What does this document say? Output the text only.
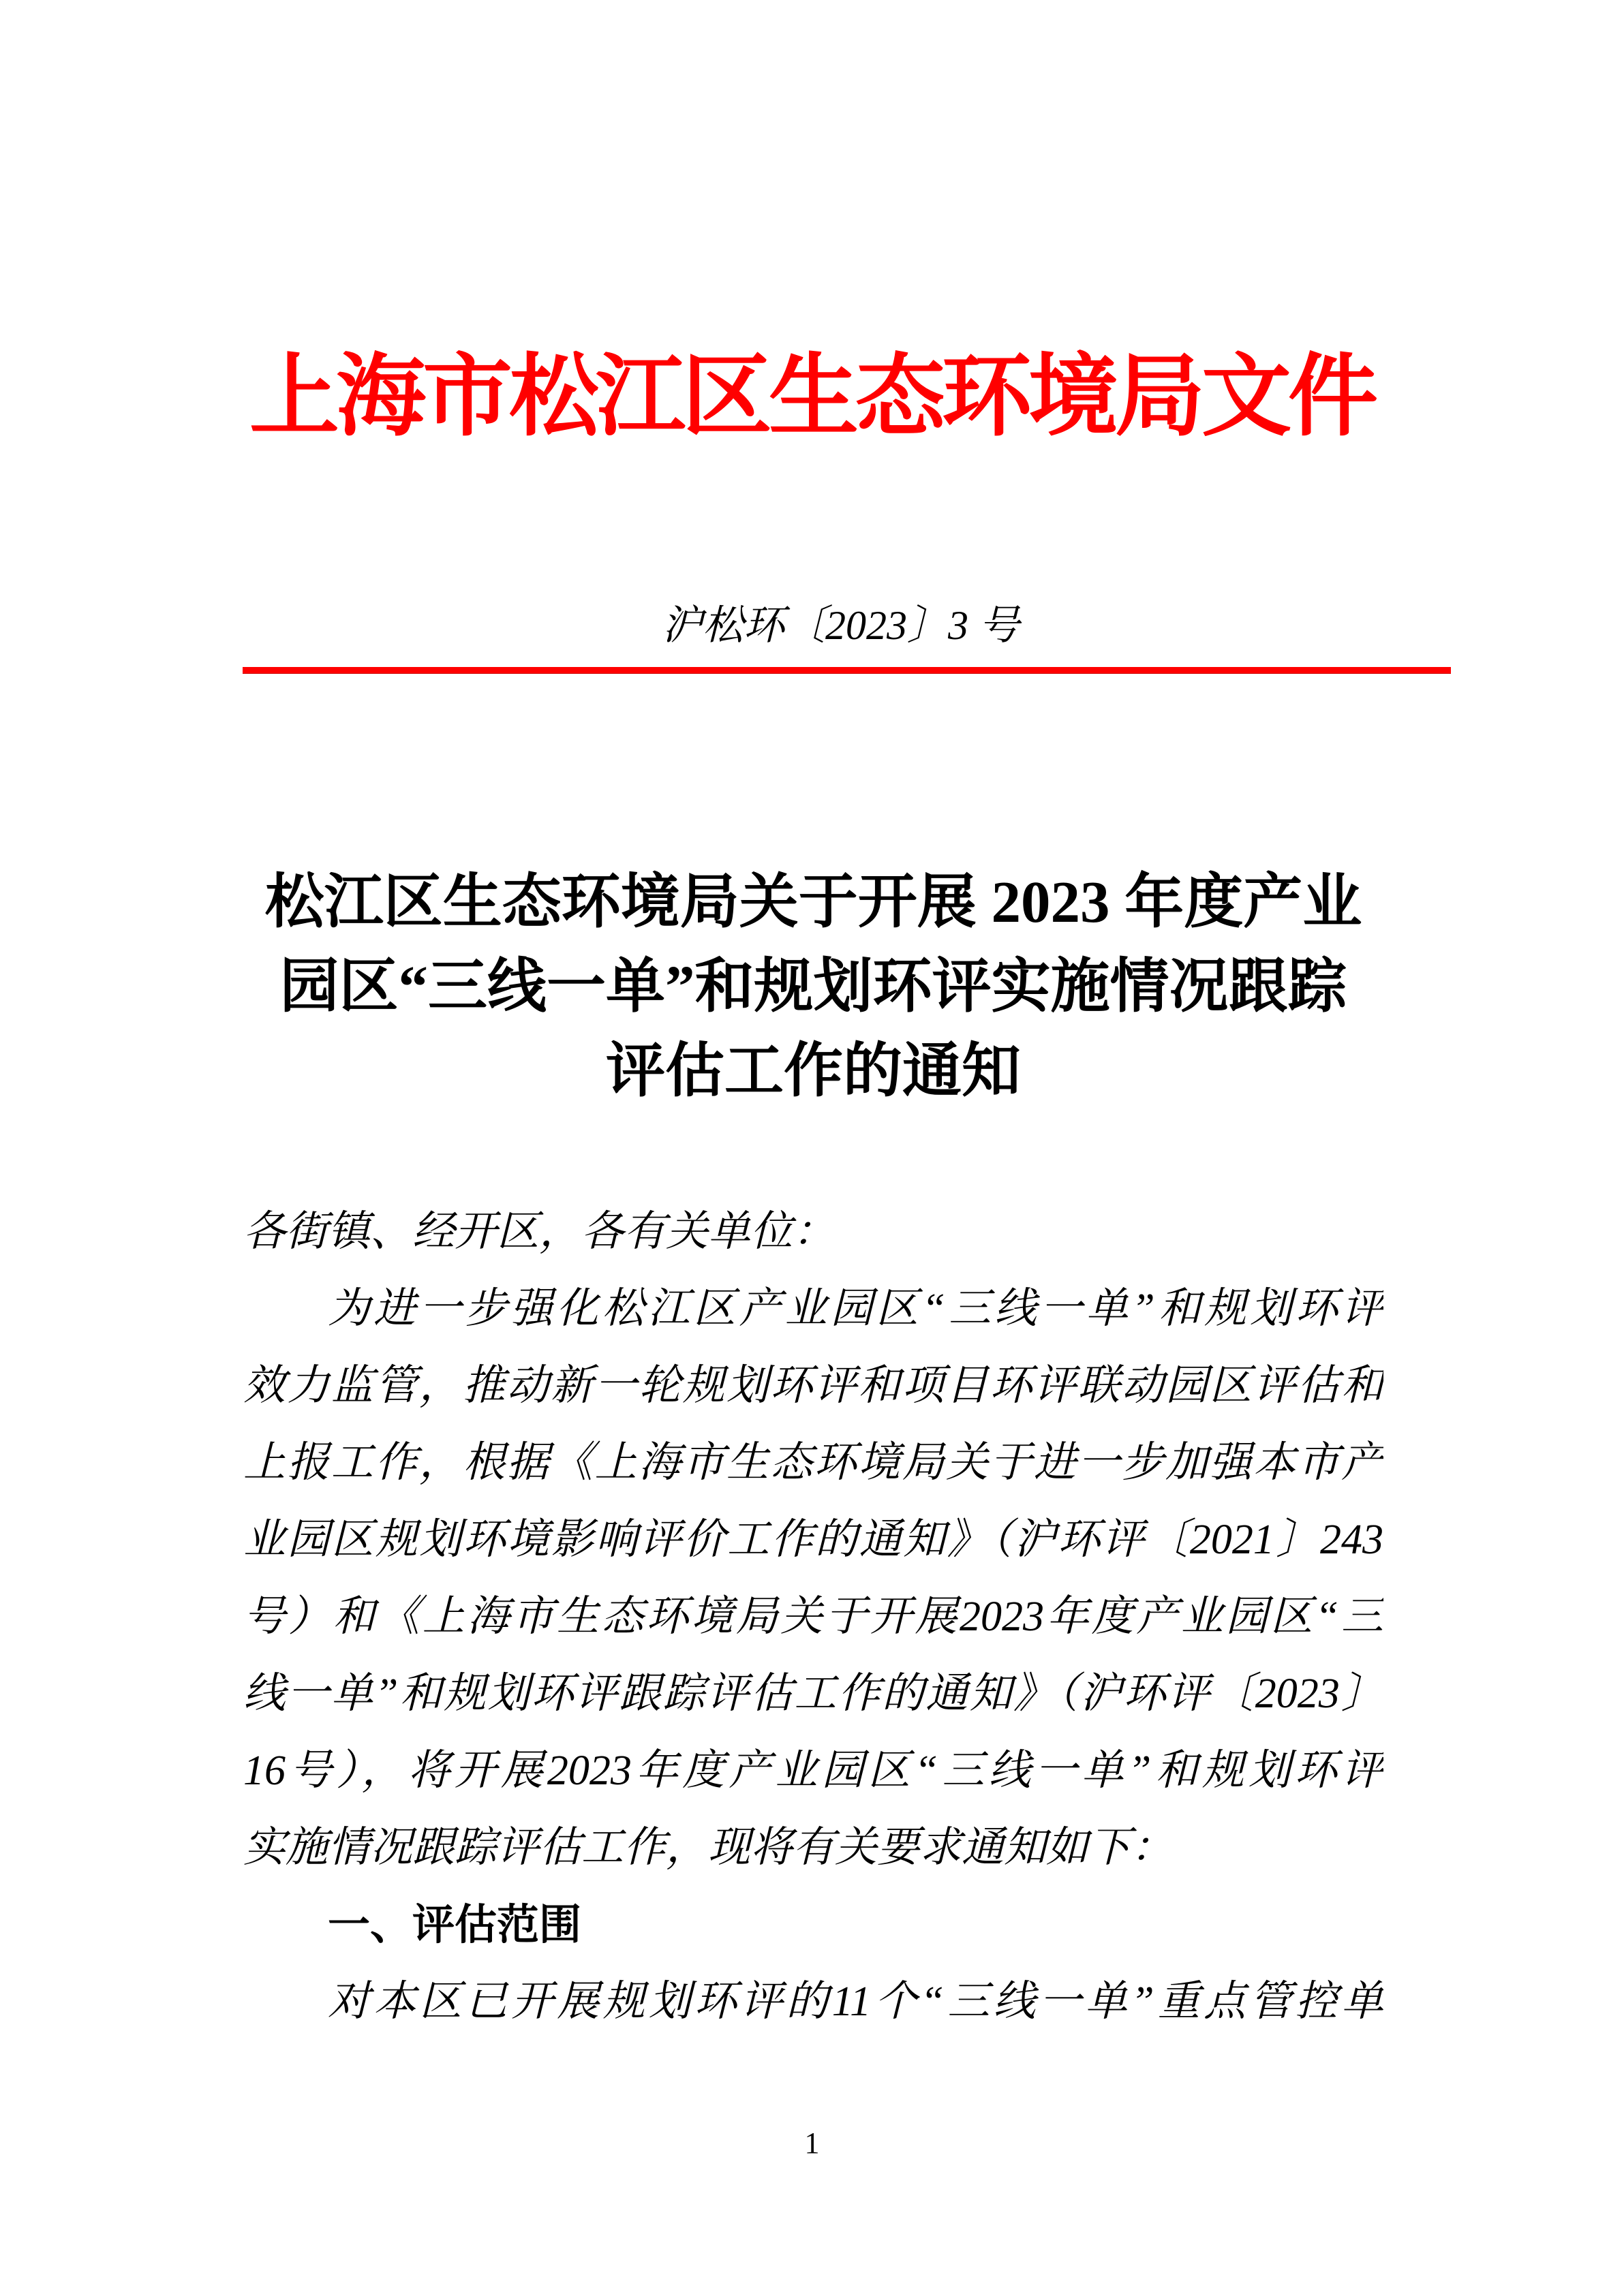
上海市松江区生态环境局文件
沪松环〔2023〕3 号
松江区生态环境局关于开展 2023 年度产业
园区“三线一单”和规划环评实施情况跟踪
评估工作的通知
各街镇、经开区，各有关单位：
为进一步强化松江区产业园区“三线一单”和规划环评
效力监管，推动新一轮规划环评和项目环评联动园区评估和
上报工作，根据《上海市生态环境局关于进一步加强本市产
业园区规划环境影响评价工作的通知》（沪环评〔2021〕243
号）和《上海市生态环境局关于开展2023年度产业园区“三
线一单”和规划环评跟踪评估工作的通知》（沪环评〔2023〕
16号），将开展2023年度产业园区“三线一单”和规划环评
实施情况跟踪评估工作，现将有关要求通知如下：
一、评估范围
对本区已开展规划环评的11个“三线一单”重点管控单
1
